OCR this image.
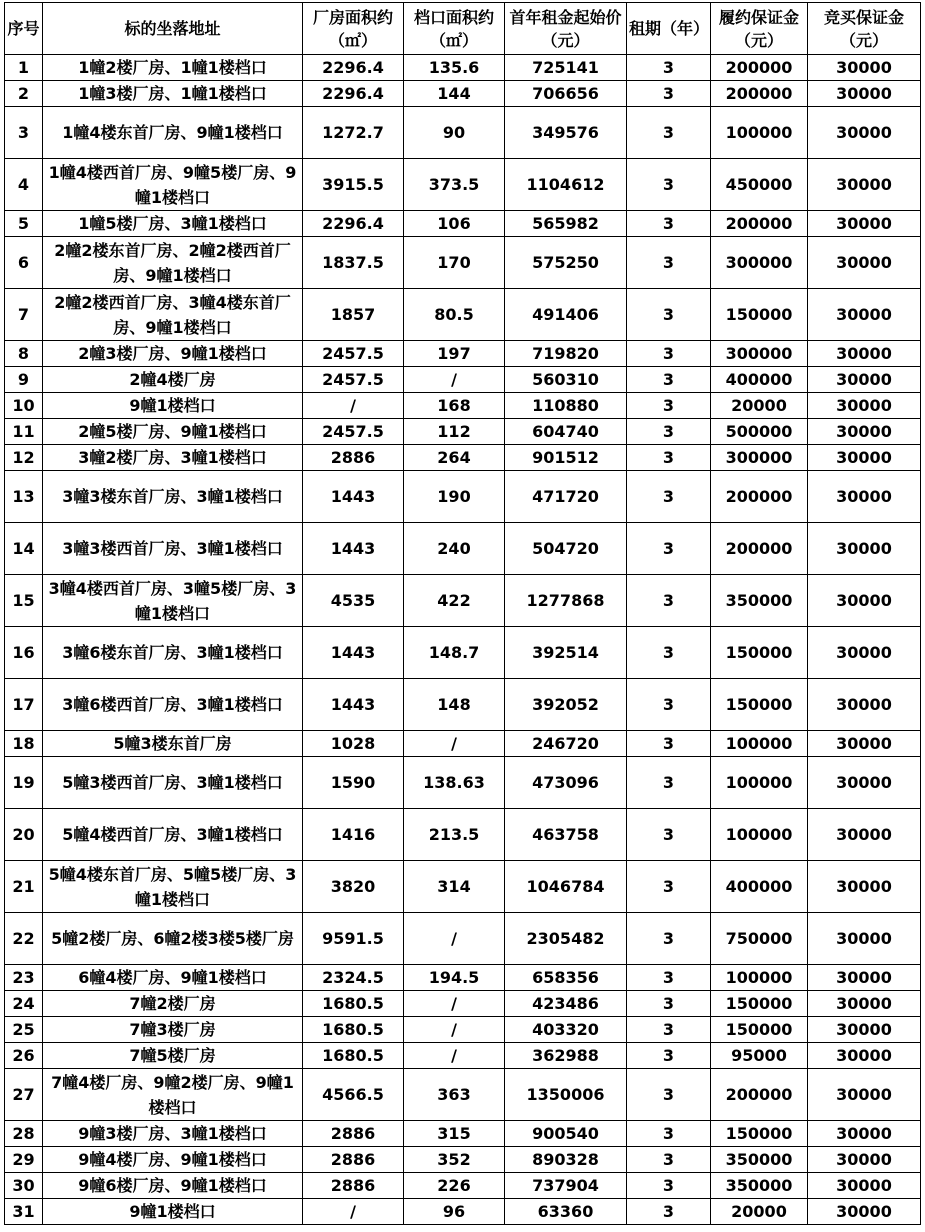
序号	标的坐落地址	厂房面积约（㎡）	档口面积约（㎡）	首年租金起始价（元）	租期（年）	履约保证金（元）	竞买保证金（元）
1	1幢2楼厂房、1幢1楼档口	2296.4	135.6	725141	3	200000	30000
2	1幢3楼厂房、1幢1楼档口	2296.4	144	706656	3	200000	30000
3	1幢4楼东首厂房、9幢1楼档口	1272.7	90	349576	3	100000	30000
4	1幢4楼西首厂房、9幢5楼厂房、9幢1楼档口	3915.5	373.5	1104612	3	450000	30000
5	1幢5楼厂房、3幢1楼档口	2296.4	106	565982	3	200000	30000
6	2幢2楼东首厂房、2幢2楼西首厂房、9幢1楼档口	1837.5	170	575250	3	300000	30000
7	2幢2楼西首厂房、3幢4楼东首厂房、9幢1楼档口	1857	80.5	491406	3	150000	30000
8	2幢3楼厂房、9幢1楼档口	2457.5	197	719820	3	300000	30000
9	2幢4楼厂房	2457.5	/	560310	3	400000	30000
10	9幢1楼档口	/	168	110880	3	20000	30000
11	2幢5楼厂房、9幢1楼档口	2457.5	112	604740	3	500000	30000
12	3幢2楼厂房、3幢1楼档口	2886	264	901512	3	300000	30000
13	3幢3楼东首厂房、3幢1楼档口	1443	190	471720	3	200000	30000
14	3幢3楼西首厂房、3幢1楼档口	1443	240	504720	3	200000	30000
15	3幢4楼西首厂房、3幢5楼厂房、3幢1楼档口	4535	422	1277868	3	350000	30000
16	3幢6楼东首厂房、3幢1楼档口	1443	148.7	392514	3	150000	30000
17	3幢6楼西首厂房、3幢1楼档口	1443	148	392052	3	150000	30000
18	5幢3楼东首厂房	1028	/	246720	3	100000	30000
19	5幢3楼西首厂房、3幢1楼档口	1590	138.63	473096	3	100000	30000
20	5幢4楼西首厂房、3幢1楼档口	1416	213.5	463758	3	100000	30000
21	5幢4楼东首厂房、5幢5楼厂房、3幢1楼档口	3820	314	1046784	3	400000	30000
22	5幢2楼厂房、6幢2楼3楼5楼厂房	9591.5	/	2305482	3	750000	30000
23	6幢4楼厂房、9幢1楼档口	2324.5	194.5	658356	3	100000	30000
24	7幢2楼厂房	1680.5	/	423486	3	150000	30000
25	7幢3楼厂房	1680.5	/	403320	3	150000	30000
26	7幢5楼厂房	1680.5	/	362988	3	95000	30000
27	7幢4楼厂房、9幢2楼厂房、9幢1楼档口	4566.5	363	1350006	3	200000	30000
28	9幢3楼厂房、3幢1楼档口	2886	315	900540	3	150000	30000
29	9幢4楼厂房、9幢1楼档口	2886	352	890328	3	350000	30000
30	9幢6楼厂房、9幢1楼档口	2886	226	737904	3	350000	30000
31	9幢1楼档口	/	96	63360	3	20000	30000
